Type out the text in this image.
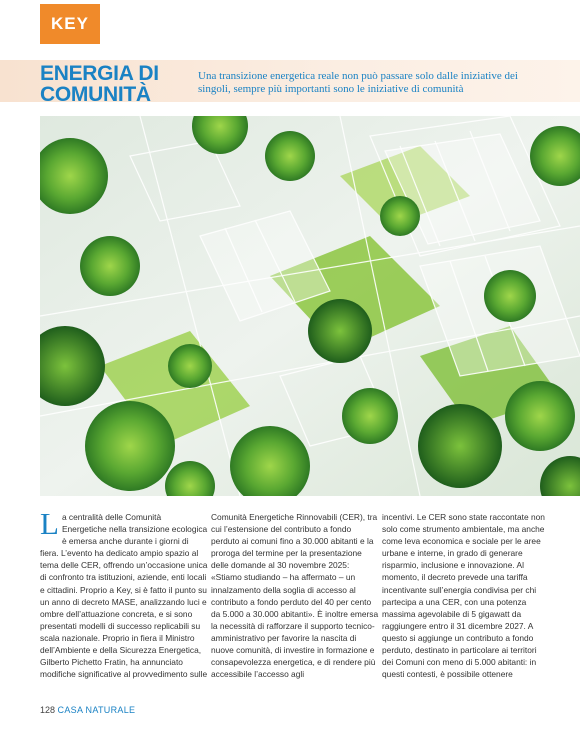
KEY
ENERGIA DI COMUNITÀ
Una transizione energetica reale non può passare solo dalle iniziative dei singoli, sempre più importanti sono le iniziative di comunità

La centralità delle Comunità Energetiche nella transizione ecologica è emersa anche durante i giorni di fiera. L’evento ha dedicato ampio spazio al tema delle CER, offrendo un’occasione unica di confronto tra istituzioni, aziende, enti locali e cittadini. Proprio a Key, si è fatto il punto su un anno di decreto MASE, analizzando luci e ombre dell’attuazione concreta, e si sono presentati modelli di successo replicabili su scala nazionale. Proprio in fiera il Ministro dell’Ambiente e della Sicurezza Energetica, Gilberto Pichetto Fratin, ha annunciato modifiche significative al provvedimento sulle

Comunità Energetiche Rinnovabili (CER), tra cui l’estensione del contributo a fondo perduto ai comuni fino a 30.000 abitanti e la proroga del termine per la presentazione delle domande al 30 novembre 2025: «Stiamo studiando – ha affermato – un innalzamento della soglia di accesso al contributo a fondo perduto del 40 per cento da 5.000 a 30.000 abitanti». È inoltre emersa la necessità di rafforzare il supporto tecnico-amministrativo per favorire la nascita di nuove comunità, di investire in formazione e consapevolezza energetica, e di rendere più accessibile l’accesso agli

incentivi. Le CER sono state raccontate non solo come strumento ambientale, ma anche come leva economica e sociale per le aree urbane e interne, in grado di generare risparmio, inclusione e innovazione. Al momento, il decreto prevede una tariffa incentivante sull’energia condivisa per chi partecipa a una CER, con una potenza massima agevolabile di 5 gigawatt da raggiungere entro il 31 dicembre 2027. A questo si aggiunge un contributo a fondo perduto, destinato in particolare ai territori dei Comuni con meno di 5.000 abitanti: in questi contesti, è possibile ottenere

128 CASA NATURALE
